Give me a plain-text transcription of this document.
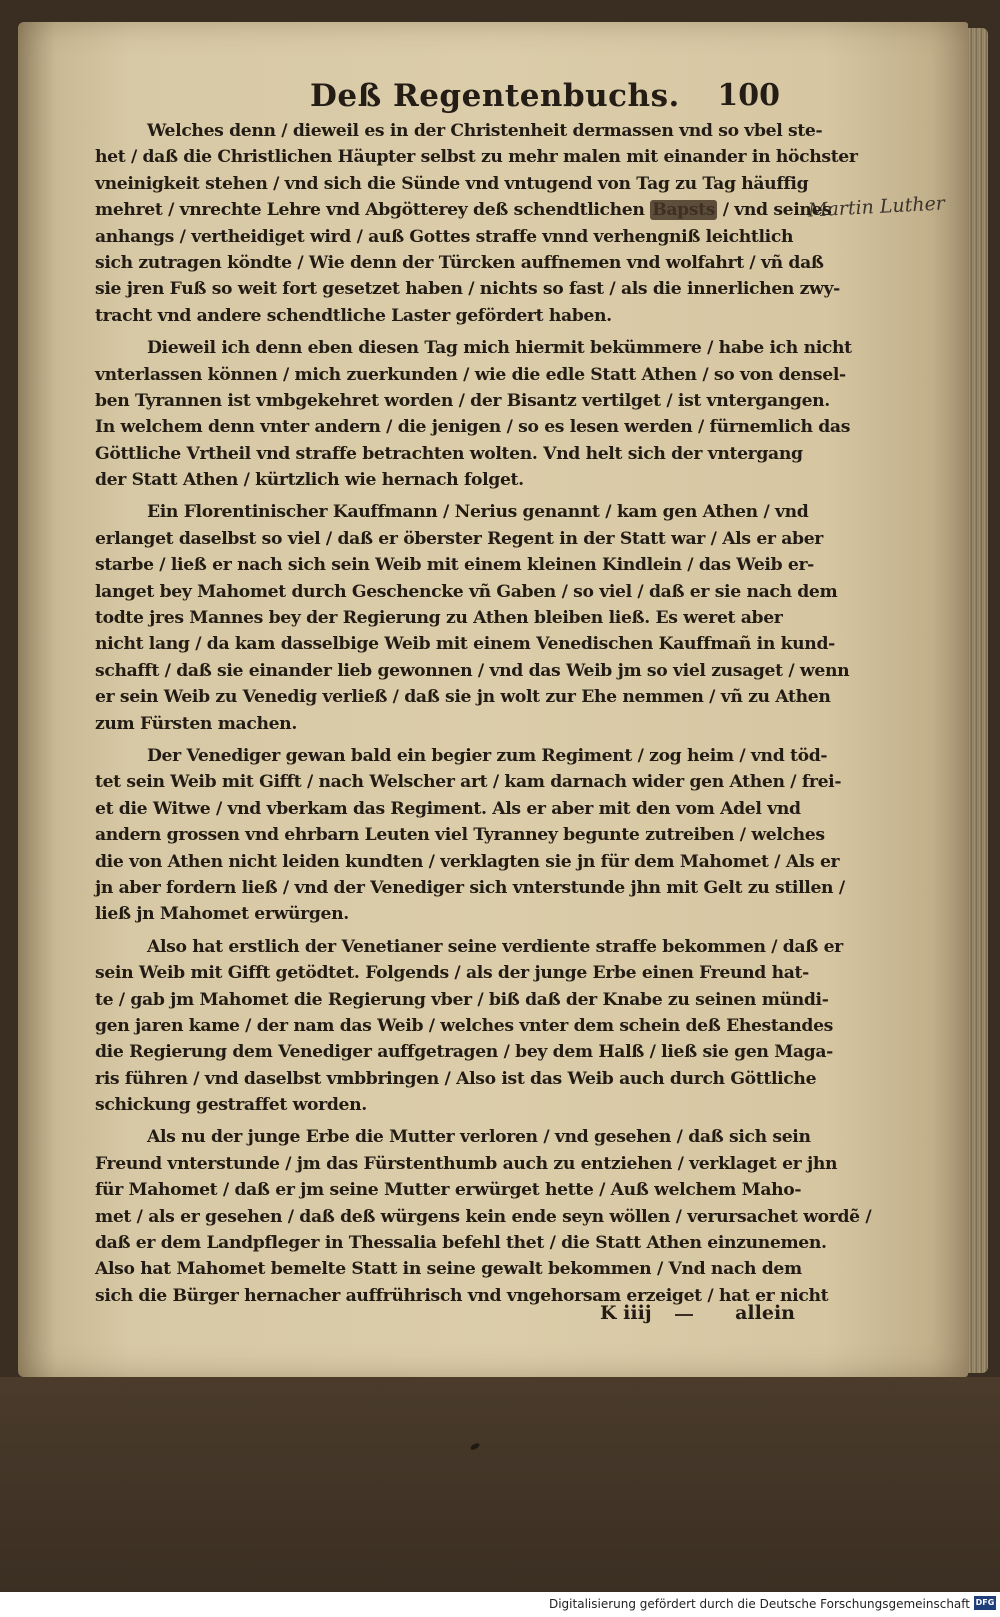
Deß Regentenbuchs. 100
Martin Luther
Welches denn / dieweil es in der Christenheit dermassen vnd so vbel ste-
het / daß die Christlichen Häupter selbst zu mehr malen mit einander in höchster
vneinigkeit stehen / vnd sich die Sünde vnd vntugend von Tag zu Tag häuffig
mehret / vnrechte Lehre vnd Abgötterey deß schendtlichen Bapsts / vnd seines
anhangs / vertheidiget wird / auß Gottes straffe vnnd verhengniß leichtlich
sich zutragen köndte / Wie denn der Türcken auffnemen vnd wolfahrt / vñ daß
sie jren Fuß so weit fort gesetzet haben / nichts so fast / als die innerlichen zwy-
tracht vnd andere schendtliche Laster gefördert haben.
Dieweil ich denn eben diesen Tag mich hiermit bekümmere / habe ich nicht
vnterlassen können / mich zuerkunden / wie die edle Statt Athen / so von densel-
ben Tyrannen ist vmbgekehret worden / der Bisantz vertilget / ist vntergangen.
In welchem denn vnter andern / die jenigen / so es lesen werden / fürnemlich das
Göttliche Vrtheil vnd straffe betrachten wolten. Vnd helt sich der vntergang
der Statt Athen / kürtzlich wie hernach folget.
Ein Florentinischer Kauffmann / Nerius genannt / kam gen Athen / vnd
erlanget daselbst so viel / daß er öberster Regent in der Statt war / Als er aber
starbe / ließ er nach sich sein Weib mit einem kleinen Kindlein / das Weib er-
langet bey Mahomet durch Geschencke vñ Gaben / so viel / daß er sie nach dem
todte jres Mannes bey der Regierung zu Athen bleiben ließ. Es weret aber
nicht lang / da kam dasselbige Weib mit einem Venedischen Kauffmañ in kund-
schafft / daß sie einander lieb gewonnen / vnd das Weib jm so viel zusaget / wenn
er sein Weib zu Venedig verließ / daß sie jn wolt zur Ehe nemmen / vñ zu Athen
zum Fürsten machen.
Der Venediger gewan bald ein begier zum Regiment / zog heim / vnd töd-
tet sein Weib mit Gifft / nach Welscher art / kam darnach wider gen Athen / frei-
et die Witwe / vnd vberkam das Regiment. Als er aber mit den vom Adel vnd
andern grossen vnd ehrbarn Leuten viel Tyranney begunte zutreiben / welches
die von Athen nicht leiden kundten / verklagten sie jn für dem Mahomet / Als er
jn aber fordern ließ / vnd der Venediger sich vnterstunde jhn mit Gelt zu stillen /
ließ jn Mahomet erwürgen.
Also hat erstlich der Venetianer seine verdiente straffe bekommen / daß er
sein Weib mit Gifft getödtet. Folgends / als der junge Erbe einen Freund hat-
te / gab jm Mahomet die Regierung vber / biß daß der Knabe zu seinen mündi-
gen jaren kame / der nam das Weib / welches vnter dem schein deß Ehestandes
die Regierung dem Venediger auffgetragen / bey dem Halß / ließ sie gen Maga-
ris führen / vnd daselbst vmbbringen / Also ist das Weib auch durch Göttliche
schickung gestraffet worden.
Als nu der junge Erbe die Mutter verloren / vnd gesehen / daß sich sein
Freund vnterstunde / jm das Fürstenthumb auch zu entziehen / verklaget er jhn
für Mahomet / daß er jm seine Mutter erwürget hette / Auß welchem Maho-
met / als er gesehen / daß deß würgens kein ende seyn wöllen / verursachet wordẽ /
daß er dem Landpfleger in Thessalia befehl thet / die Statt Athen einzunemen.
Also hat Mahomet bemelte Statt in seine gewalt bekommen / Vnd nach dem
sich die Bürger hernacher auffrührisch vnd vngehorsam erzeiget / hat er nicht
K iiij	allein
Digitalisierung gefördert durch die Deutsche Forschungsgemeinschaft DFG
